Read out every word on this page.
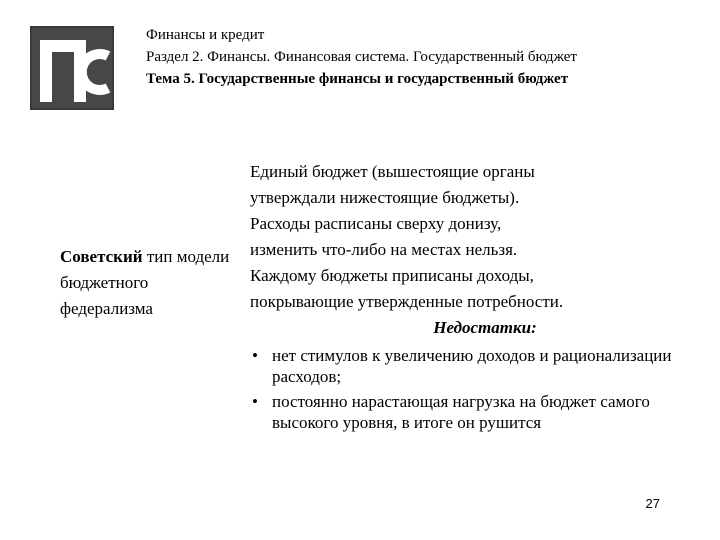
Финансы и кредит
Раздел 2. Финансы. Финансовая система. Государственный бюджет
Тема 5. Государственные финансы и государственный бюджет
Советский тип модели бюджетного федерализма
Единый бюджет (вышестоящие органы
утверждали нижестоящие бюджеты).
Расходы расписаны сверху донизу,
изменить что-либо на местах нельзя.
Каждому бюджеты приписаны доходы,
покрывающие утвержденные потребности.
Недостатки:
• нет стимулов к увеличению доходов и рационализации расходов;
• постоянно нарастающая нагрузка на бюджет самого высокого уровня, в итоге он рушится
27
